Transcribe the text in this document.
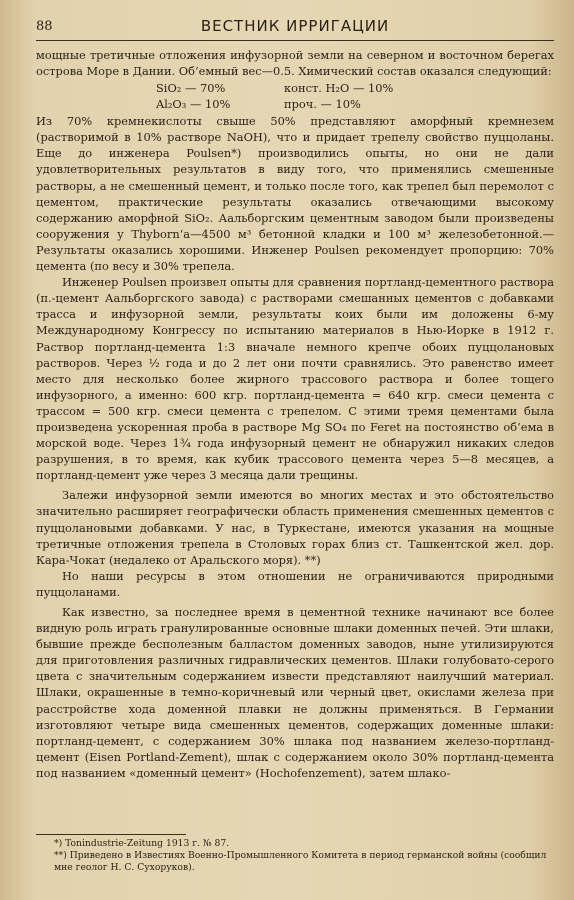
88	ВЕСТНИК ИРРИГАЦИИ

мощные третичные отложения инфузорной земли на северном и восточном берегах острова Море в Дании. Об‘емный вес—0.5. Химический состав оказался следующий:

SiO₂ — 70%	конст. H₂O — 10%
Al₂O₃ — 10%	проч. — 10%

Из 70% кремнекислоты свыше 50% представляют аморфный кремнезем (растворимой в 10% растворе NaOH), что и придает трепелу свойство пуццоланы. Еще до инженера Poulsen*) производились опыты, но они не дали удовлетворительных результатов в виду того, что применялись смешенные растворы, а не смешенный цемент, и только после того, как трепел был перемолот с цементом, практические результаты оказались отвечающими высокому содержанию аморфной SiO₂. Аальборгским цементным заводом были произведены сооружения у Thyborn‘a—4500 м³ бетонной кладки и 100 м³ железобетонной.—Результаты оказались хорошими. Инженер Poulsen рекомендует пропорцию: 70% цемента (по весу и 30% трепела.

Инженер Poulsen произвел опыты для сравнения портланд-цементного раствора (п.-цемент Аальборгского завода) с растворами смешанных цементов с добавками трасса и инфузорной земли, результаты коих были им доложены 6-му Международному Конгрессу по испытанию материалов в Нью-Иорке в 1912 г. Раствор портланд-цемента 1:3 вначале немного крепче обоих пуццолановых растворов. Через ½ года и до 2 лет они почти сравнялись. Это равенство имеет место для несколько более жирного трассового раствора и более тощего инфузорного, а именно: 600 кгр. портланд-цемента = 640 кгр. смеси цемента с трассом = 500 кгр. смеси цемента с трепелом. С этими тремя цементами была произведена ускоренная проба в растворе Mg SO₄ по Feret на постоянство об‘ема в морской воде. Через 1¾ года инфузорный цемент не обнаружил никаких следов разрушения, в то время, как кубик трассового цемента через 5—8 месяцев, а портланд-цемент уже через 3 месяца дали трещины.

Залежи инфузорной земли имеются во многих местах и это обстоятельство значительно расширяет географически область применения смешенных цементов с пуццолановыми добавками. У нас, в Туркестане, имеются указания на мощные третичные отложения трепела в Столовых горах близ ст. Ташкентской жел. дор. Кара-Чокат (недалеко от Аральского моря). **)

Но наши ресурсы в этом отношении не ограничиваются природными пуццоланами.

Как известно, за последнее время в цементной технике начинают все более видную роль играть гранулированные основные шлаки доменных печей. Эти шлаки, бывшие прежде бесполезным балластом доменных заводов, ныне утилизируются для приготовления различных гидравлических цементов. Шлаки голубовато-серого цвета с значительным содержанием извести представляют наилучший материал. Шлаки, окрашенные в темно-коричневый или черный цвет, окислами железа при расстройстве хода доменной плавки не должны применяться. В Германии изготовляют четыре вида смешенных цементов, содержащих доменные шлаки: портланд-цемент, с содержанием 30% шлака под названием железо-портланд-цемент (Eisen Portland-Zement), шлак с содержанием около 30% портланд-цемента под названием «доменный цемент» (Hochofenzement), затем шлако-

*) Tonindustrie-Zeitung 1913 г. № 87.

**) Приведено в Известиях Военно-Промышленного Комитета в период германской войны (сообщил мне геолог Н. С. Сухоруков).
